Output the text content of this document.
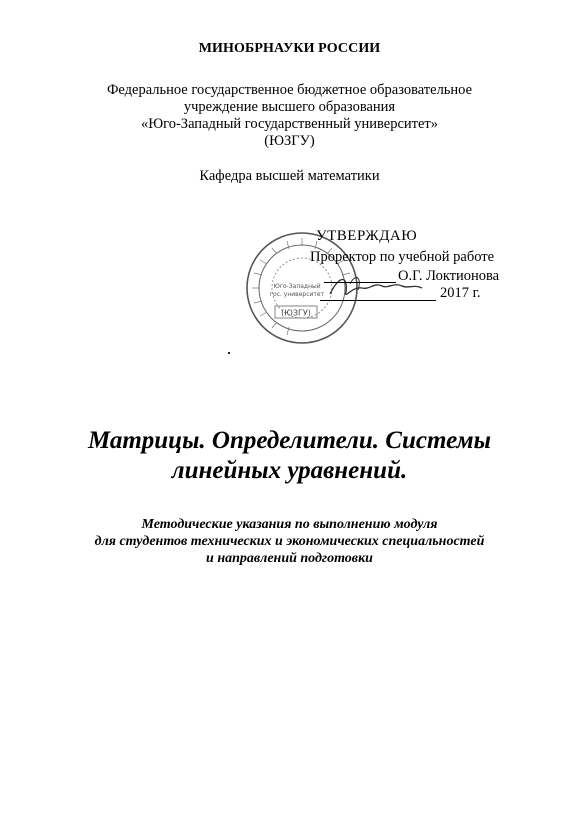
МИНОБРНАУКИ РОССИИ
Федеральное государственное бюджетное образовательное
учреждение высшего образования
«Юго-Западный государственный университет»
(ЮЗГУ)
Кафедра высшей математики
(ЮЗГУ)
Юго-Западный
гос. университет
УТВЕРЖДАЮ
Проректор по учебной работе
О.Г. Локтионова
2017 г.
Матрицы. Определители. Системы
линейных уравнений.
Методические указания по выполнению модуля
для студентов технических и экономических специальностей
и направлений подготовки
